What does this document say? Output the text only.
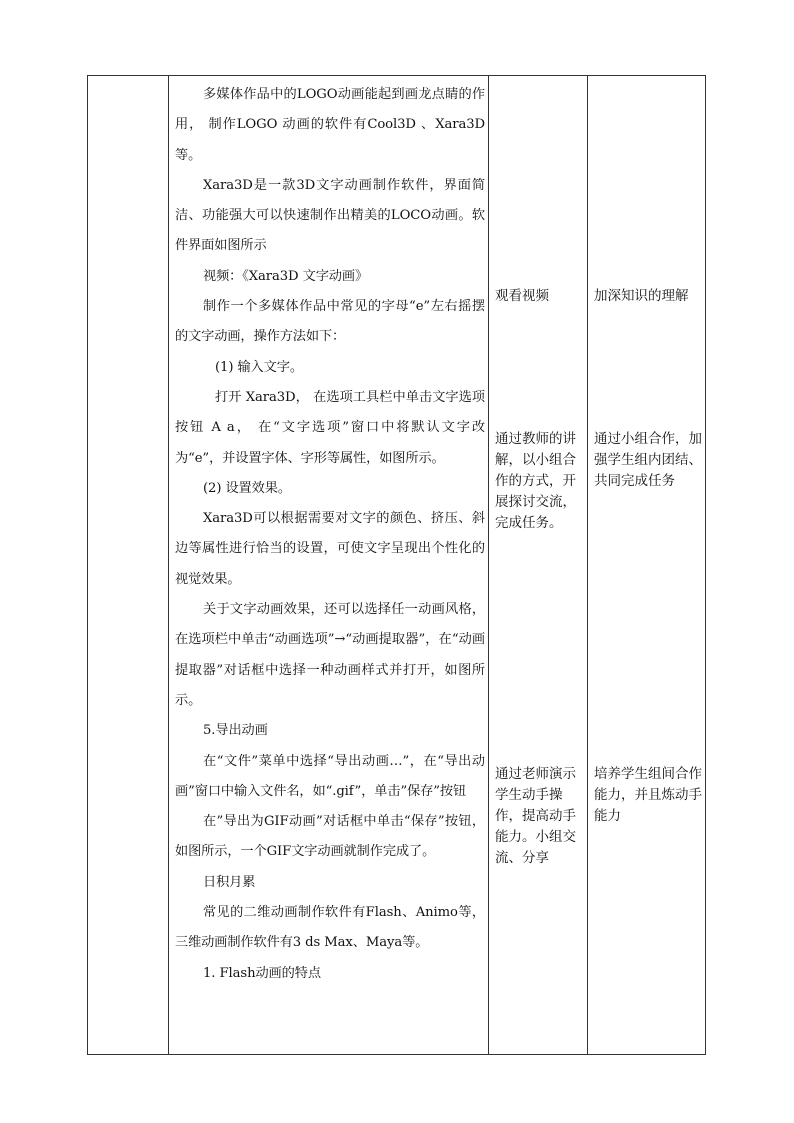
多媒体作品中的LOGO动画能起到画龙点睛的作用， 制作LOGO 动画的软件有Cool3D 、Xara3D等。

Xara3D是一款3D文字动画制作软件，界面简洁、功能强大可以快速制作出精美的LOCO动画。软件界面如图所示

视频：《Xara3D 文字动画》

制作一个多媒体作品中常见的字母“e”左右摇摆的文字动画，操作方法如下：

(1) 输入文字。

打开 Xara3D， 在选项工具栏中单击文字选项按钮 A a， 在“文字选项”窗口中将默认文字改为“e”，并设置字体、字形等属性，如图所示。

(2) 设置效果。

Xara3D可以根据需要对文字的颜色、挤压、斜边等属性进行恰当的设置，可使文字呈现出个性化的视觉效果。

关于文字动画效果，还可以选择任一动画风格，在选项栏中单击“动画选项”→“动画提取器”，在“动画提取器”对话框中选择一种动画样式并打开，如图所示。

5.导出动画

在“文件”菜单中选择“导出动画…”，在“导出动画”窗口中输入文件名，如“.gif”，单击”保存”按钮

在”导出为GIF动画”对话框中单击“保存”按钮，如图所示，一个GIF文字动画就制作完成了。

日积月累

常见的二维动画制作软件有Flash、Animo等，三维动画制作软件有3 ds Max、Maya等。

1. Flash动画的特点

观看视频	加深知识的理解
通过教师的讲解，以小组合作的方式，开展探讨交流，完成任务。
通过小组合作，加强学生组内团结、共同完成任务
通过老师演示学生动手操作，提高动手能力。小组交流、分享
培养学生组间合作能力，并且炼动手能力
